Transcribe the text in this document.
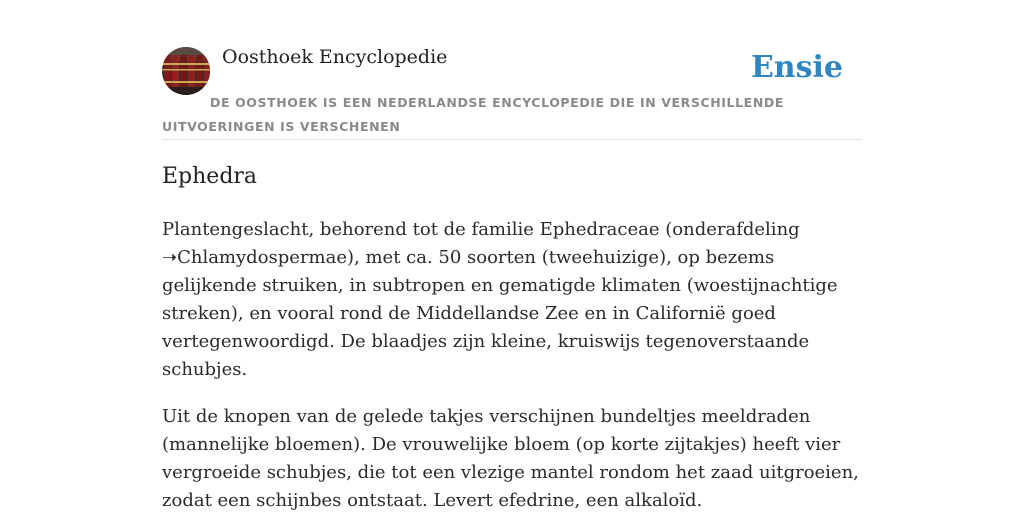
Oosthoek Encyclopedie	Ensie
DE OOSTHOEK IS EEN NEDERLANDSE ENCYCLOPEDIE DIE IN VERSCHILLENDE UITVOERINGEN IS VERSCHENEN
Ephedra

Plantengeslacht, behorend tot de familie Ephedraceae (onderafdeling ➝Chlamydospermae), met ca. 50 soorten (tweehuizige), op bezems gelijkende struiken, in subtropen en gematigde klimaten (woestijnachtige streken), en vooral rond de Middellandse Zee en in Californië goed vertegenwoordigd. De blaadjes zijn kleine, kruiswijs tegenoverstaande schubjes.

Uit de knopen van de gelede takjes verschijnen bundeltjes meeldraden (mannelijke bloemen). De vrouwelijke bloem (op korte zijtakjes) heeft vier vergroeide schubjes, die tot een vlezige mantel rondom het zaad uitgroeien, zodat een schijnbes ontstaat. Levert efedrine, een alkaloïd.
